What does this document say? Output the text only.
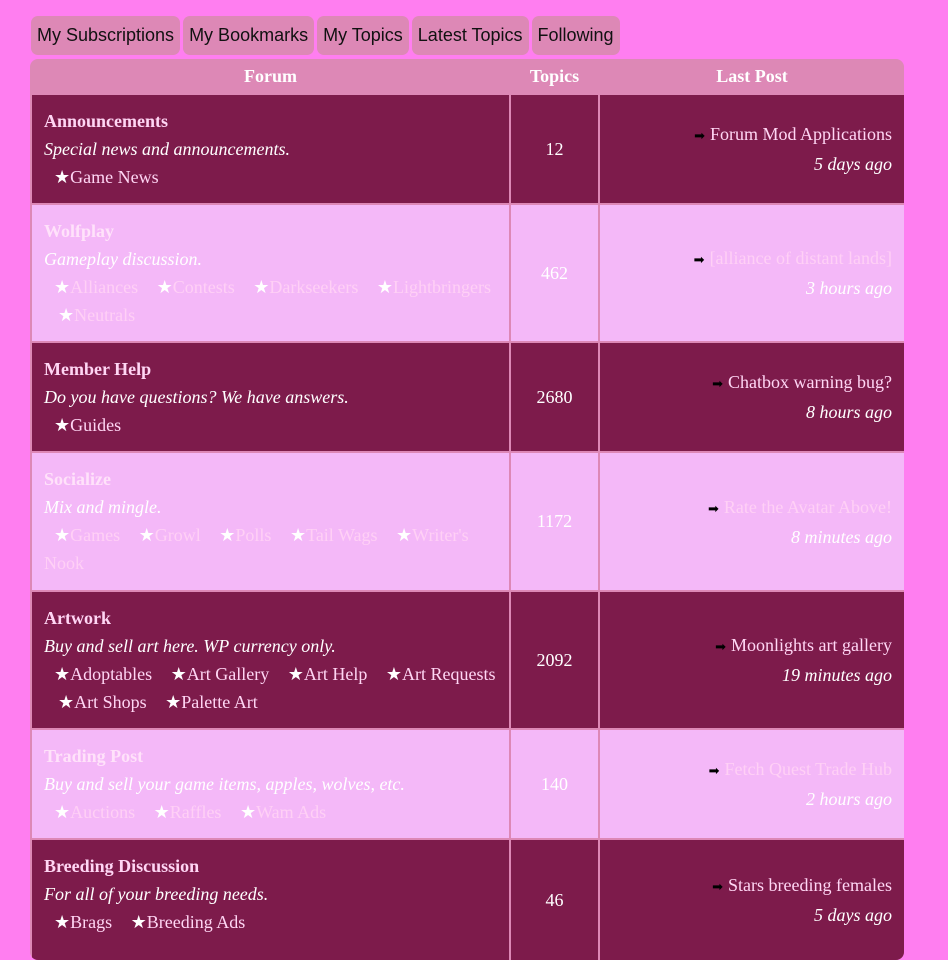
My Subscriptions My Bookmarks My Topics Latest Topics Following
Forum	Topics	Last Post
Announcements
Special news and announcements.
★Game News
12
➡ Forum Mod Applications
5 days ago
Wolfplay
Gameplay discussion.
★Alliances ★Contests ★Darkseekers ★Lightbringers ★Neutrals
462
➡ [alliance of distant lands]
3 hours ago
Member Help
Do you have questions? We have answers.
★Guides
2680
➡ Chatbox warning bug?
8 hours ago
Socialize
Mix and mingle.
★Games ★Growl ★Polls ★Tail Wags ★Writer's Nook
1172
➡ Rate the Avatar Above!
8 minutes ago
Artwork
Buy and sell art here. WP currency only.
★Adoptables ★Art Gallery ★Art Help ★Art Requests ★Art Shops ★Palette Art
2092
➡ Moonlights art gallery
19 minutes ago
Trading Post
Buy and sell your game items, apples, wolves, etc.
★Auctions ★Raffles ★Wam Ads
140
➡ Fetch Quest Trade Hub
2 hours ago
Breeding Discussion
For all of your breeding needs.
★Brags ★Breeding Ads
46
➡ Stars breeding females
5 days ago
